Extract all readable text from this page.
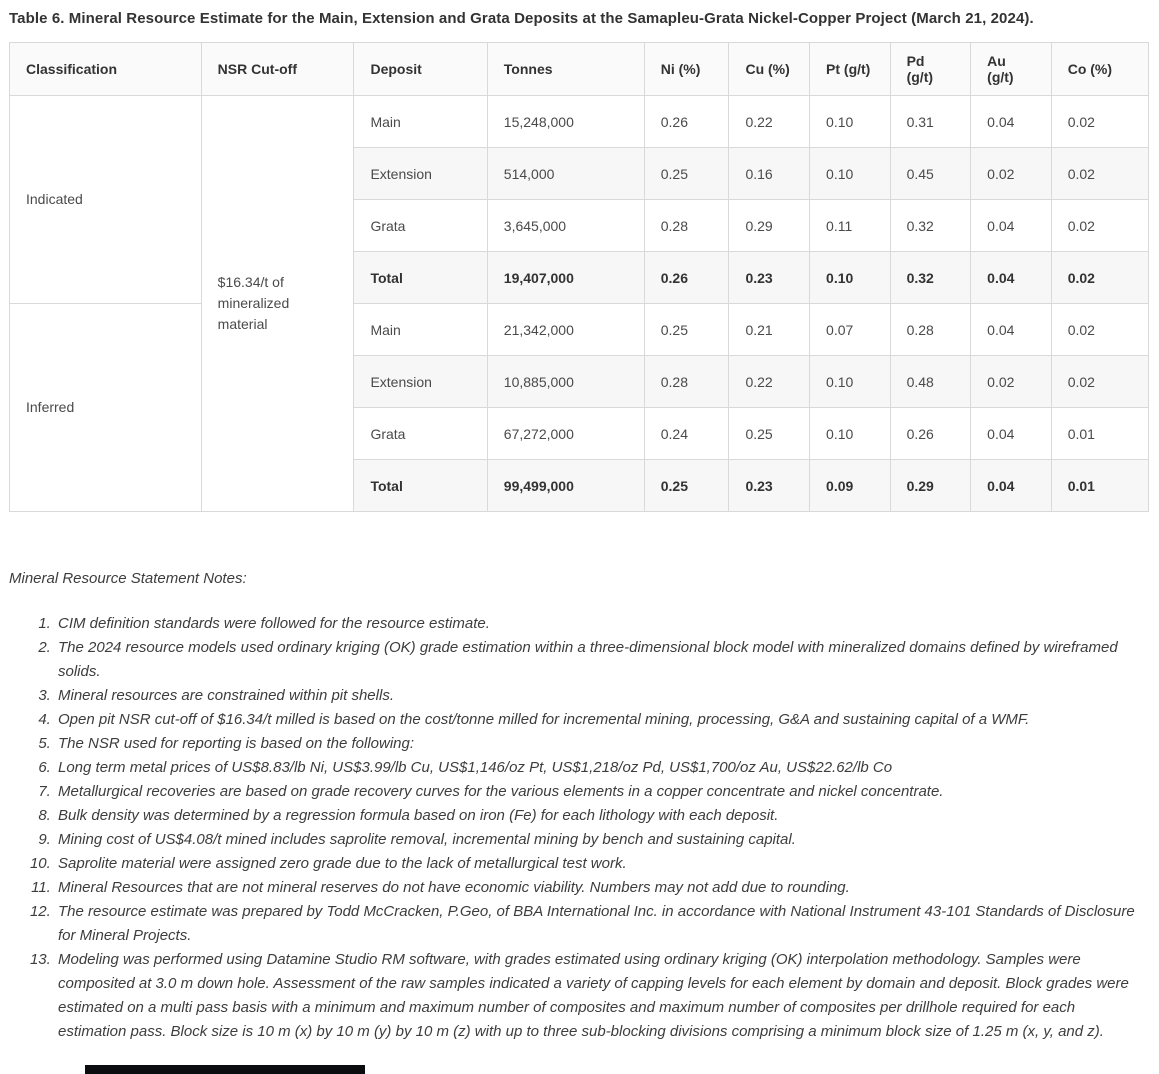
Table 6. Mineral Resource Estimate for the Main, Extension and Grata Deposits at the Samapleu-Grata Nickel-Copper Project (March 21, 2024).
Classification	NSR Cut-off	Deposit	Tonnes	Ni (%)	Cu (%)	Pt (g/t)	Pd (g/t)	Au (g/t)	Co (%)
Indicated	$16.34/t of mineralized material	Main	15,248,000	0.26	0.22	0.10	0.31	0.04	0.02
		Extension	514,000	0.25	0.16	0.10	0.45	0.02	0.02
		Grata	3,645,000	0.28	0.29	0.11	0.32	0.04	0.02
		Total	19,407,000	0.26	0.23	0.10	0.32	0.04	0.02
Inferred		Main	21,342,000	0.25	0.21	0.07	0.28	0.04	0.02
		Extension	10,885,000	0.28	0.22	0.10	0.48	0.02	0.02
		Grata	67,272,000	0.24	0.25	0.10	0.26	0.04	0.01
		Total	99,499,000	0.25	0.23	0.09	0.29	0.04	0.01
Mineral Resource Statement Notes:
1. CIM definition standards were followed for the resource estimate.
2. The 2024 resource models used ordinary kriging (OK) grade estimation within a three-dimensional block model with mineralized domains defined by wireframed solids.
3. Mineral resources are constrained within pit shells.
4. Open pit NSR cut-off of $16.34/t milled is based on the cost/tonne milled for incremental mining, processing, G&A and sustaining capital of a WMF.
5. The NSR used for reporting is based on the following:
6. Long term metal prices of US$8.83/lb Ni, US$3.99/lb Cu, US$1,146/oz Pt, US$1,218/oz Pd, US$1,700/oz Au, US$22.62/lb Co
7. Metallurgical recoveries are based on grade recovery curves for the various elements in a copper concentrate and nickel concentrate.
8. Bulk density was determined by a regression formula based on iron (Fe) for each lithology with each deposit.
9. Mining cost of US$4.08/t mined includes saprolite removal, incremental mining by bench and sustaining capital.
10. Saprolite material were assigned zero grade due to the lack of metallurgical test work.
11. Mineral Resources that are not mineral reserves do not have economic viability. Numbers may not add due to rounding.
12. The resource estimate was prepared by Todd McCracken, P.Geo, of BBA International Inc. in accordance with National Instrument 43-101 Standards of Disclosure for Mineral Projects.
13. Modeling was performed using Datamine Studio RM software, with grades estimated using ordinary kriging (OK) interpolation methodology. Samples were composited at 3.0 m down hole. Assessment of the raw samples indicated a variety of capping levels for each element by domain and deposit. Block grades were estimated on a multi pass basis with a minimum and maximum number of composites and maximum number of composites per drillhole required for each estimation pass. Block size is 10 m (x) by 10 m (y) by 10 m (z) with up to three sub-blocking divisions comprising a minimum block size of 1.25 m (x, y, and z).
